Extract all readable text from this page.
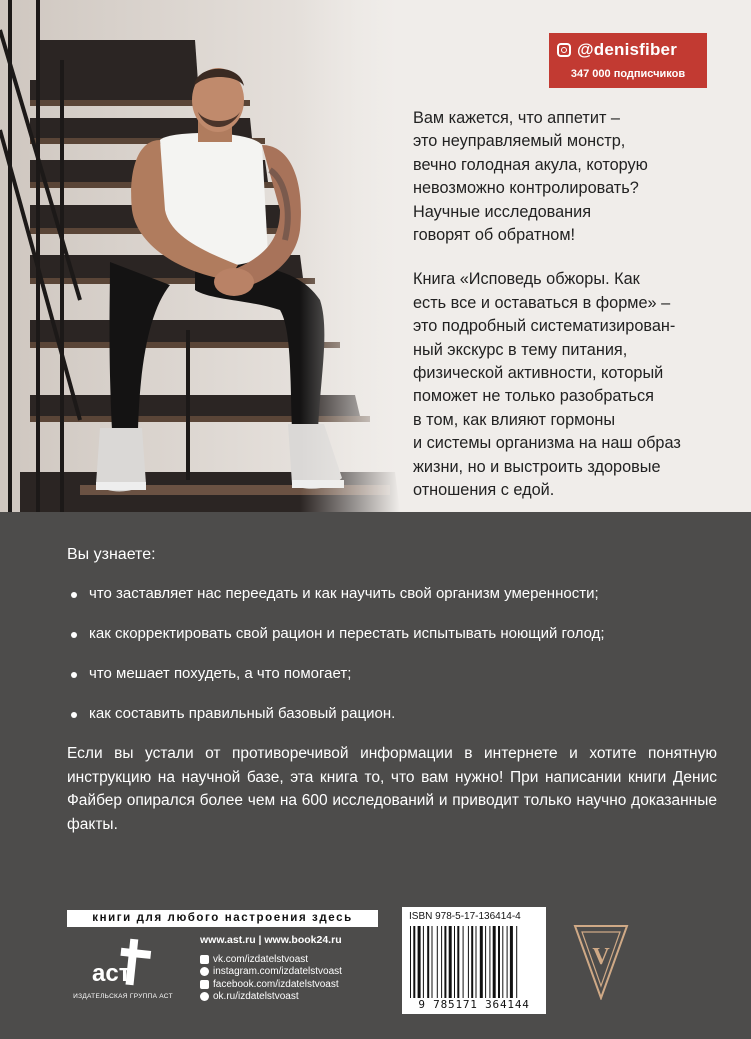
@denisfiber
347 000 подписчиков

Вам кажется, что аппетит –
это неуправляемый монстр,
вечно голодная акула, которую
невозможно контролировать?
Научные исследования
говорят об обратном!

Книга «Исповедь обжоры. Как
есть все и оставаться в форме» –
это подробный систематизирован-
ный экскурс в тему питания,
физической активности, который
поможет не только разобраться
в том, как влияют гормоны
и системы организма на наш образ
жизни, но и выстроить здоровые
отношения с едой.

Вы узнаете:
что заставляет нас переедать и как научить свой организм умеренности;
как скорректировать свой рацион и перестать испытывать ноющий голод;
что мешает похудеть, а что помогает;
как составить правильный базовый рацион.
Если вы устали от противоречивой информации в интернете и хотите понятную инструкцию на научной базе, эта книга то, что вам нужно! При написании книги Денис Файбер опирался более чем на 600 исследований и приводит только научно доказанные факты.
книги для любого настроения здесь
аст
ИЗДАТЕЛЬСКАЯ ГРУППА АСТ
www.ast.ru | www.book24.ru
vk.com/izdatelstvoast
instagram.com/izdatelstvoast
facebook.com/izdatelstvoast
ok.ru/izdatelstvoast
ISBN 978-5-17-136414-4
9 785171 364144
V
